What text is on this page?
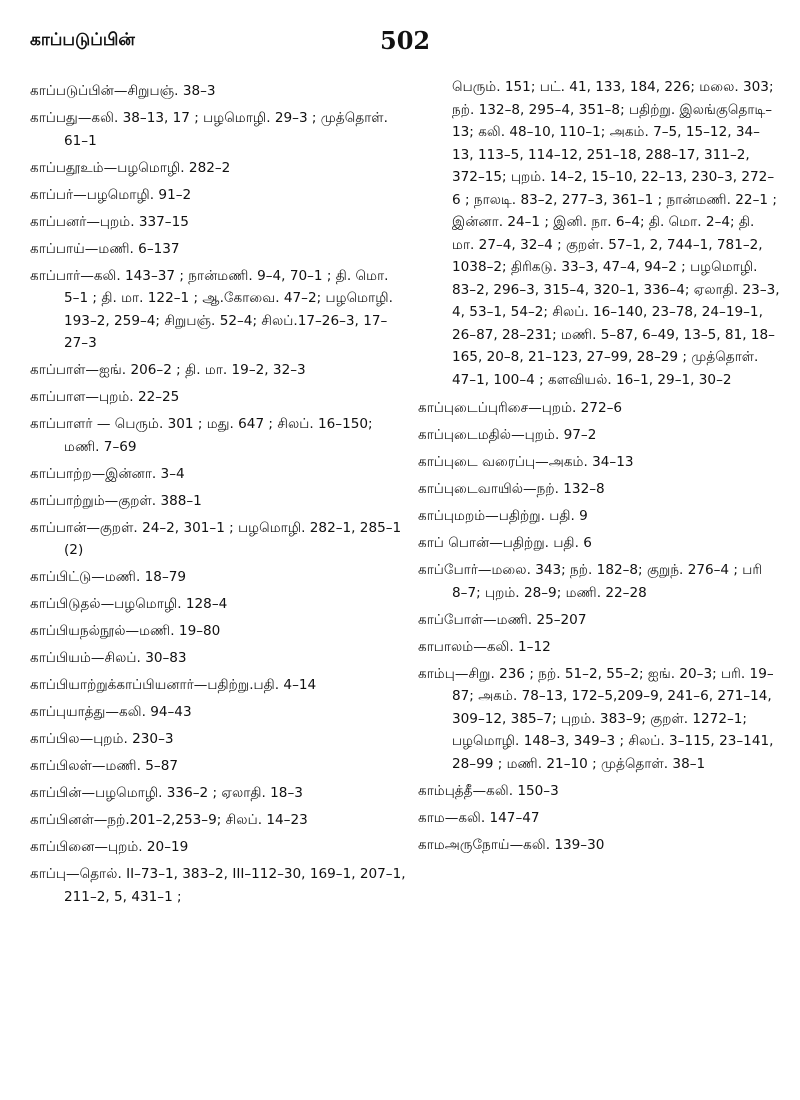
காப்படுப்பின்	502
காப்படுப்பின்—சிறுபஞ். 38–3
காப்பது—கலி. 38–13, 17 ; பழமொழி. 29–3 ; முத்தொள். 61–1
காப்பதூஉம்—பழமொழி. 282–2
காப்பர்—பழமொழி. 91–2
காப்பனர்—புறம். 337–15
காப்பாய்—மணி. 6–137
காப்பார்—கலி. 143–37 ; நான்மணி. 9–4, 70–1 ; தி. மொ. 5–1 ; தி. மா. 122–1 ; ஆ.கோவை. 47–2; பழமொழி. 193–2, 259–4; சிறுபஞ். 52–4; சிலப்.17–26–3, 17–27–3
காப்பாள்—ஐங். 206–2 ; தி. மா. 19–2, 32–3
காப்பாள—புறம். 22–25
காப்பாளர் — பெரும். 301 ; மது. 647 ; சிலப். 16–150; மணி. 7–69
காப்பாற்ற—இன்னா. 3–4
காப்பாற்றும்—குறள். 388–1
காப்பான்—குறள். 24–2, 301–1 ; பழமொழி. 282–1, 285–1 (2)
காப்பிட்டு—மணி. 18–79
காப்பிடுதல்—பழமொழி. 128–4
காப்பியநல்நூல்—மணி. 19–80
காப்பியம்—சிலப். 30–83
காப்பியாற்றுக்காப்பியனார்—பதிற்று.பதி. 4–14
காப்புயாத்து—கலி. 94–43
காப்பில—புறம். 230–3
காப்பிலள்—மணி. 5–87
காப்பின்—பழமொழி. 336–2 ; ஏலாதி. 18–3
காப்பினள்—நற்.201–2,253–9; சிலப். 14–23
காப்பினை—புறம். 20–19
காப்பு—தொல். II–73–1, 383–2, III–112–30, 169–1, 207–1, 211–2, 5, 431–1 ;
பெரும். 151; பட். 41, 133, 184, 226; மலை. 303; நற். 132–8, 295–4, 351–8; பதிற்று. இலங்குதொடி–13; கலி. 48–10, 110–1; அகம். 7–5, 15–12, 34–13, 113–5, 114–12, 251–18, 288–17, 311–2, 372–15; புறம். 14–2, 15–10, 22–13, 230–3, 272–6 ; நாலடி. 83–2, 277–3, 361–1 ; நான்மணி. 22–1 ; இன்னா. 24–1 ; இனி. நா. 6–4; தி. மொ. 2–4; தி. மா. 27–4, 32–4 ; குறள். 57–1, 2, 744–1, 781–2, 1038–2; திரிகடு. 33–3, 47–4, 94–2 ; பழமொழி. 83–2, 296–3, 315–4, 320–1, 336–4; ஏலாதி. 23–3, 4, 53–1, 54–2; சிலப். 16–140, 23–78, 24–19–1, 26–87, 28–231; மணி. 5–87, 6–49, 13–5, 81, 18–165, 20–8, 21–123, 27–99, 28–29 ; முத்தொள். 47–1, 100–4 ; களவியல். 16–1, 29–1, 30–2
காப்புடைப்புரிசை—புறம். 272–6
காப்புடைமதில்—புறம். 97–2
காப்புடை வரைப்பு—அகம். 34–13
காப்புடைவாயில்—நற். 132–8
காப்புமறம்—பதிற்று. பதி. 9
காப் பொன்—பதிற்று. பதி. 6
காப்போர்—மலை. 343; நற். 182–8; குறுந். 276–4 ; பரி 8–7; புறம். 28–9; மணி. 22–28
காப்போள்—மணி. 25–207
காபாலம்—கலி. 1–12
காம்பு—சிறு. 236 ; நற். 51–2, 55–2; ஐங். 20–3; பரி. 19–87; அகம். 78–13, 172–5,209–9, 241–6, 271–14, 309–12, 385–7; புறம். 383–9; குறள். 1272–1; பழமொழி. 148–3, 349–3 ; சிலப். 3–115, 23–141, 28–99 ; மணி. 21–10 ; முத்தொள். 38–1
காம்புத்தீ—கலி. 150–3
காம—கலி. 147–47
காமஅருநோய்—கலி. 139–30
